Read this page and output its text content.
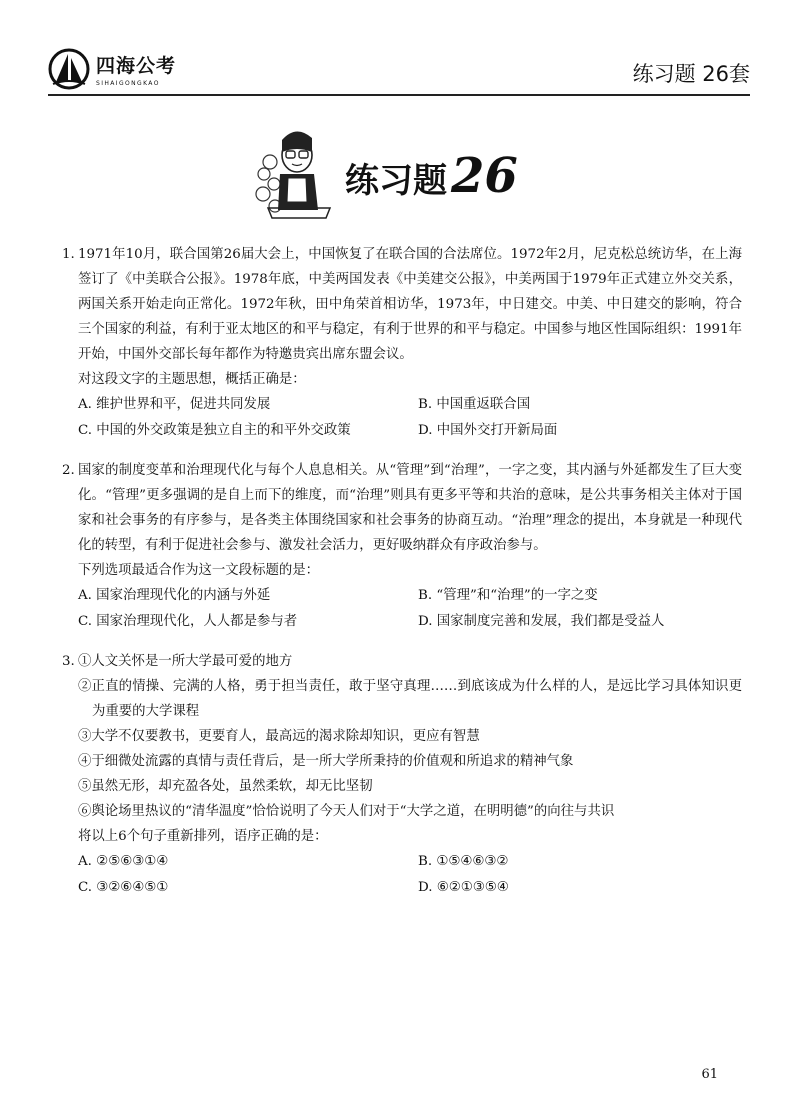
四海公考
SIHAIGONGKAO	练习题 26套
练习题26
1. 1971年10月，联合国第26届大会上，中国恢复了在联合国的合法席位。1972年2月，尼克松总统访华，在上海签订了《中美联合公报》。1978年底，中美两国发表《中美建交公报》，中美两国于1979年正式建立外交关系，两国关系开始走向正常化。1972年秋，田中角荣首相访华，1973年，中日建交。中美、中日建交的影响，符合三个国家的利益，有利于亚太地区的和平与稳定，有利于世界的和平与稳定。中国参与地区性国际组织：1991年开始，中国外交部长每年都作为特邀贵宾出席东盟会议。

对这段文字的主题思想，概括正确是：

A. 维护世界和平，促进共同发展	B. 中国重返联合国
C. 中国的外交政策是独立自主的和平外交政策	D. 中国外交打开新局面
2. 国家的制度变革和治理现代化与每个人息息相关。从“管理”到“治理”，一字之变，其内涵与外延都发生了巨大变化。“管理”更多强调的是自上而下的维度，而“治理”则具有更多平等和共治的意味，是公共事务相关主体对于国家和社会事务的有序参与，是各类主体围绕国家和社会事务的协商互动。“治理”理念的提出，本身就是一种现代化的转型，有利于促进社会参与、激发社会活力，更好吸纳群众有序政治参与。

下列选项最适合作为这一文段标题的是：

A. 国家治理现代化的内涵与外延	B. “管理”和“治理”的一字之变
C. 国家治理现代化，人人都是参与者	D. 国家制度完善和发展，我们都是受益人
3. ①人文关怀是一所大学最可爱的地方

②正直的情操、完满的人格，勇于担当责任，敢于坚守真理……到底该成为什么样的人，是远比学习具体知识更为重要的大学课程

③大学不仅要教书，更要育人，最高远的渴求除却知识，更应有智慧

④于细微处流露的真情与责任背后，是一所大学所秉持的价值观和所追求的精神气象

⑤虽然无形，却充盈各处，虽然柔软，却无比坚韧

⑥舆论场里热议的“清华温度”恰恰说明了今天人们对于“大学之道，在明明德”的向往与共识

将以上6个句子重新排列，语序正确的是：

A. ②⑤⑥③①④	B. ①⑤④⑥③②
C. ③②⑥④⑤①	D. ⑥②①③⑤④
61
